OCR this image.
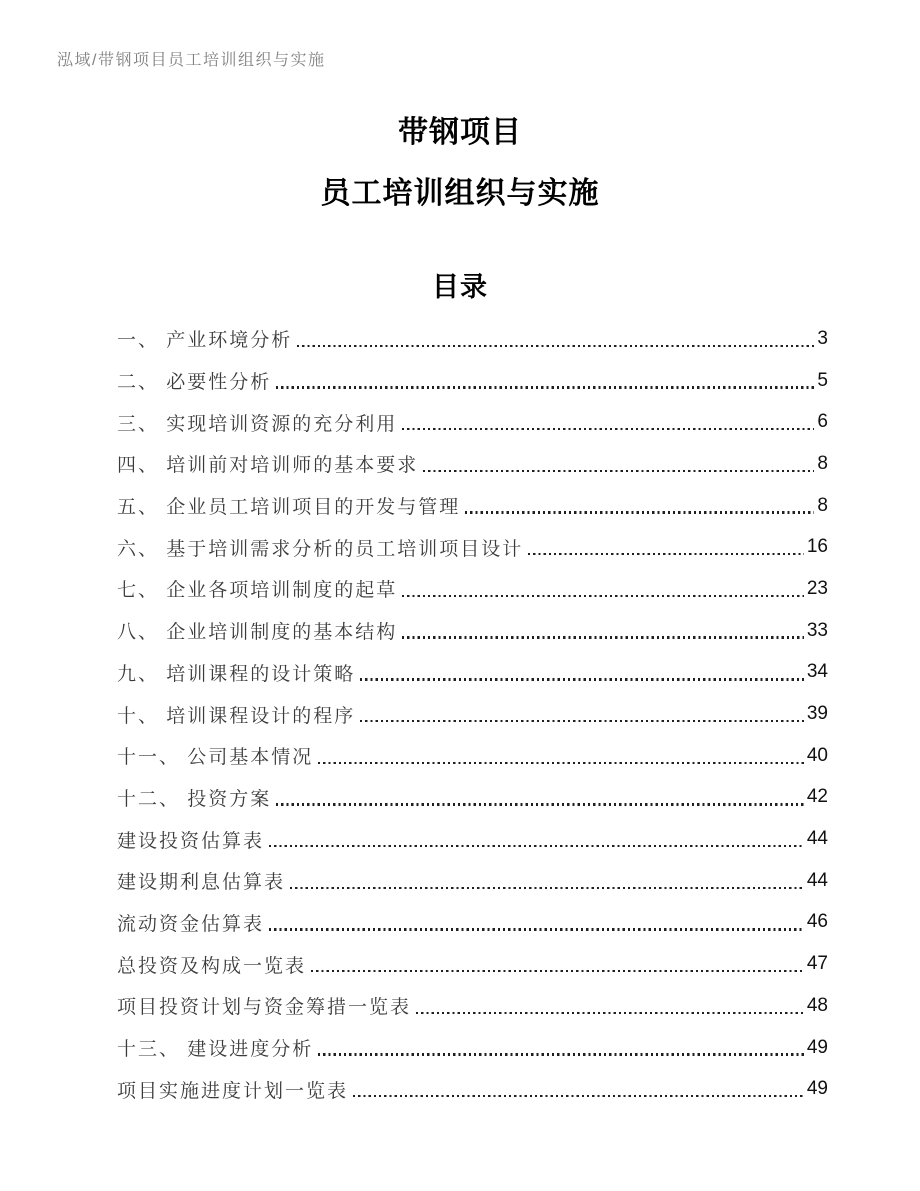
泓域/带钢项目员工培训组织与实施
带钢项目
员工培训组织与实施
目录
一、 产业环境分析	3
二、 必要性分析	5
三、 实现培训资源的充分利用	6
四、 培训前对培训师的基本要求	8
五、 企业员工培训项目的开发与管理	8
六、 基于培训需求分析的员工培训项目设计	16
七、 企业各项培训制度的起草	23
八、 企业培训制度的基本结构	33
九、 培训课程的设计策略	34
十、 培训课程设计的程序	39
十一、 公司基本情况	40
十二、 投资方案	42
建设投资估算表	44
建设期利息估算表	44
流动资金估算表	46
总投资及构成一览表	47
项目投资计划与资金筹措一览表	48
十三、 建设进度分析	49
项目实施进度计划一览表	49
